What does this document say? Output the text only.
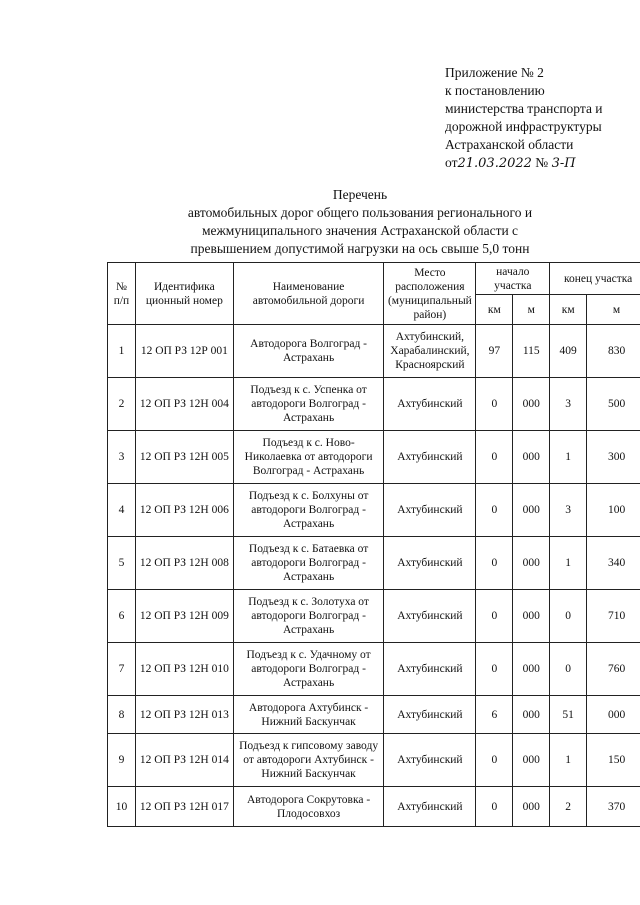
Приложение № 2
к постановлению
министерства транспорта и
дорожной инфраструктуры
Астраханской области
от21.03.2022 № 3-П
Перечень
автомобильных дорог общего пользования регионального и
межмуниципального значения Астраханской области с
превышением допустимой нагрузки на ось свыше 5,0 тонн
№ п/п	Идентифика ционный номер	Наименование автомобильной дороги	Место расположения (муниципальный район)	начало участка		конец участка	
				км	м	км	м
1	12 ОП РЗ 12Р 001	Автодорога Волгоград - Астрахань	Ахтубинский, Харабалинский, Красноярский	97	115	409	830
2	12 ОП РЗ 12Н 004	Подъезд к с. Успенка от автодороги Волгоград - Астрахань	Ахтубинский	0	000	3	500
3	12 ОП РЗ 12Н 005	Подъезд к с. Ново-Николаевка от автодороги Волгоград - Астрахань	Ахтубинский	0	000	1	300
4	12 ОП РЗ 12Н 006	Подъезд к с. Болхуны от автодороги Волгоград - Астрахань	Ахтубинский	0	000	3	100
5	12 ОП РЗ 12Н 008	Подъезд к с. Батаевка от автодороги Волгоград - Астрахань	Ахтубинский	0	000	1	340
6	12 ОП РЗ 12Н 009	Подъезд к с. Золотуха от автодороги Волгоград - Астрахань	Ахтубинский	0	000	0	710
7	12 ОП РЗ 12Н 010	Подъезд к с. Удачному от автодороги Волгоград - Астрахань	Ахтубинский	0	000	0	760
8	12 ОП РЗ 12Н 013	Автодорога Ахтубинск - Нижний Баскунчак	Ахтубинский	6	000	51	000
9	12 ОП РЗ 12Н 014	Подъезд к гипсовому заводу от автодороги Ахтубинск - Нижний Баскунчак	Ахтубинский	0	000	1	150
10	12 ОП РЗ 12Н 017	Автодорога Сокрутовка - Плодосовхоз	Ахтубинский	0	000	2	370
